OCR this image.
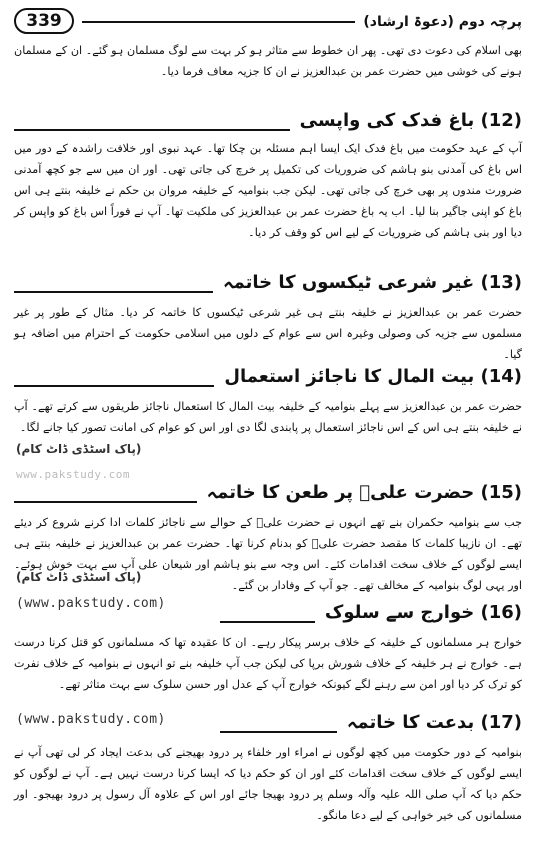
339	پرچہ دوم (دعوۃ ارشاد)

بھی اسلام کی دعوت دی تھی۔ پھر ان خطوط سے متاثر ہو کر بہت سے لوگ مسلمان ہو گئے۔ ان کے مسلمان ہونے کی خوشی میں حضرت عمر بن عبدالعزیز نے ان کا جزیہ معاف فرما دیا۔

(12) باغ فدک کی واپسی

آپ کے عہد حکومت میں باغ فدک ایک ایسا اہم مسئلہ بن چکا تھا۔ عہد نبوی اور خلافت راشدہ کے دور میں اس باغ کی آمدنی بنو ہاشم کی ضروریات کی تکمیل پر خرچ کی جاتی تھی۔ اور ان میں سے جو کچھ آمدنی ضرورت مندوں پر بھی خرچ کی جاتی تھی۔ لیکن جب بنوامیہ کے خلیفہ مروان بن حکم نے خلیفہ بنتے ہی اس باغ کو اپنی جاگیر بنا لیا۔ اب یہ باغ حضرت عمر بن عبدالعزیز کی ملکیت تھا۔ آپ نے فوراً اس باغ کو واپس کر دیا اور بنی ہاشم کی ضروریات کے لیے اس کو وقف کر دیا۔

(13) غیر شرعی ٹیکسوں کا خاتمہ

حضرت عمر بن عبدالعزیز نے خلیفہ بنتے ہی غیر شرعی ٹیکسوں کا خاتمہ کر دیا۔ مثال کے طور پر غیر مسلموں سے جزیہ کی وصولی وغیرہ اس سے عوام کے دلوں میں اسلامی حکومت کے احترام میں اضافہ ہو گیا۔

(14) بیت المال کا ناجائز استعمال

حضرت عمر بن عبدالعزیز سے پہلے بنوامیہ کے خلیفہ بیت المال کا استعمال ناجائز طریقوں سے کرتے تھے۔ آپ نے خلیفہ بنتے ہی اس کے اس ناجائز استعمال پر پابندی لگا دی اور اس کو عوام کی امانت تصور کیا جانے لگا۔

(پاک اسٹڈی ڈاٹ کام)
www.pakstudy.com
(15) حضرت علیؓ پر طعن کا خاتمہ

جب سے بنوامیہ حکمران بنے تھے انہوں نے حضرت علیؓ کے حوالے سے ناجائز کلمات ادا کرنے شروع کر دیئے تھے۔ ان نازیبا کلمات کا مقصد حضرت علیؓ کو بدنام کرنا تھا۔ حضرت عمر بن عبدالعزیز نے خلیفہ بنتے ہی ایسے لوگوں کے خلاف سخت اقدامات کئے۔ اس وجہ سے بنو ہاشم اور شیعان علی آپ سے بہت خوش ہوئے۔ اور یہی لوگ بنوامیہ کے مخالف تھے۔ جو آپ کے وفادار بن گئے۔

(پاک اسٹڈی ڈاٹ کام)
(www.pakstudy.com)	(16) خوارج سے سلوک

خوارج ہر مسلمانوں کے خلیفہ کے خلاف برسر پیکار رہے۔ ان کا عقیدہ تھا کہ مسلمانوں کو قتل کرنا درست ہے۔ خوارج نے ہر خلیفہ کے خلاف شورش برپا کی لیکن جب آپ خلیفہ بنے تو انہوں نے بنوامیہ کے خلاف نفرت کو ترک کر دیا اور امن سے رہنے لگے کیونکہ خوارج آپ کے عدل اور حسن سلوک سے بہت متاثر تھے۔

(www.pakstudy.com)	(17) بدعت کا خاتمہ

بنوامیہ کے دور حکومت میں کچھ لوگوں نے امراء اور خلفاء پر درود بھیجنے کی بدعت ایجاد کر لی تھی آپ نے ایسے لوگوں کے خلاف سخت اقدامات کئے اور ان کو حکم دیا کہ ایسا کرنا درست نہیں ہے۔ آپ نے لوگوں کو حکم دیا کہ آپ صلی اللہ علیہ وآلہ وسلم پر درود بھیجا جائے اور اس کے علاوہ آل رسول پر درود بھیجو۔ اور مسلمانوں کی خیر خواہی کے لیے دعا مانگو۔
